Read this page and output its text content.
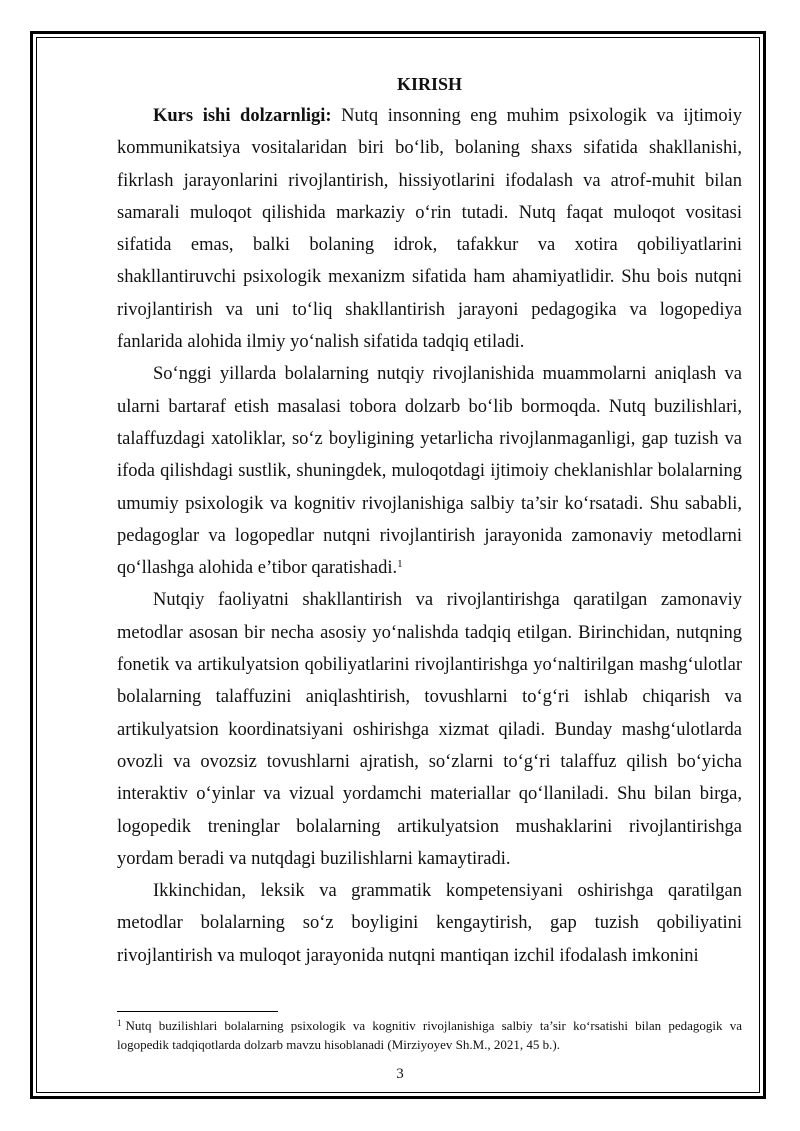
KIRISH

Kurs ishi dolzarnligi: Nutq insonning eng muhim psixologik va ijtimoiy kommunikatsiya vositalaridan biri bo‘lib, bolaning shaxs sifatida shakllanishi, fikrlash jarayonlarini rivojlantirish, hissiyotlarini ifodalash va atrof-muhit bilan samarali muloqot qilishida markaziy o‘rin tutadi. Nutq faqat muloqot vositasi sifatida emas, balki bolaning idrok, tafakkur va xotira qobiliyatlarini shakllantiruvchi psixologik mexanizm sifatida ham ahamiyatlidir. Shu bois nutqni rivojlantirish va uni to‘liq shakllantirish jarayoni pedagogika va logopediya fanlarida alohida ilmiy yo‘nalish sifatida tadqiq etiladi.

So‘nggi yillarda bolalarning nutqiy rivojlanishida muammolarni aniqlash va ularni bartaraf etish masalasi tobora dolzarb bo‘lib bormoqda. Nutq buzilishlari, talaffuzdagi xatoliklar, so‘z boyligining yetarlicha rivojlanmaganligi, gap tuzish va ifoda qilishdagi sustlik, shuningdek, muloqotdagi ijtimoiy cheklanishlar bolalarning umumiy psixologik va kognitiv rivojlanishiga salbiy ta’sir ko‘rsatadi. Shu sababli, pedagoglar va logopedlar nutqni rivojlantirish jarayonida zamonaviy metodlarni qo‘llashga alohida e’tibor qaratishadi.$^1$

Nutqiy faoliyatni shakllantirish va rivojlantirishga qaratilgan zamonaviy metodlar asosan bir necha asosiy yo‘nalishda tadqiq etilgan. Birinchidan, nutqning fonetik va artikulyatsion qobiliyatlarini rivojlantirishga yo‘naltirilgan mashg‘ulotlar bolalarning talaffuzini aniqlashtirish, tovushlarni to‘g‘ri ishlab chiqarish va artikulyatsion koordinatsiyani oshirishga xizmat qiladi. Bunday mashg‘ulotlarda ovozli va ovozsiz tovushlarni ajratish, so‘zlarni to‘g‘ri talaffuz qilish bo‘yicha interaktiv o‘yinlar va vizual yordamchi materiallar qo‘llaniladi. Shu bilan birga, logopedik treninglar bolalarning artikulyatsion mushaklarini rivojlantirishga yordam beradi va nutqdagi buzilishlarni kamaytiradi.

Ikkinchidan, leksik va grammatik kompetensiyani oshirishga qaratilgan metodlar bolalarning so‘z boyligini kengaytirish, gap tuzish qobiliyatini rivojlantirish va muloqot jarayonida nutqni mantiqan izchil ifodalash imkonini

$^1$ Nutq buzilishlari bolalarning psixologik va kognitiv rivojlanishiga salbiy ta’sir ko‘rsatishi bilan pedagogik va logopedik tadqiqotlarda dolzarb mavzu hisoblanadi (Mirziyoyev Sh.M., 2021, 45 b.).
3
